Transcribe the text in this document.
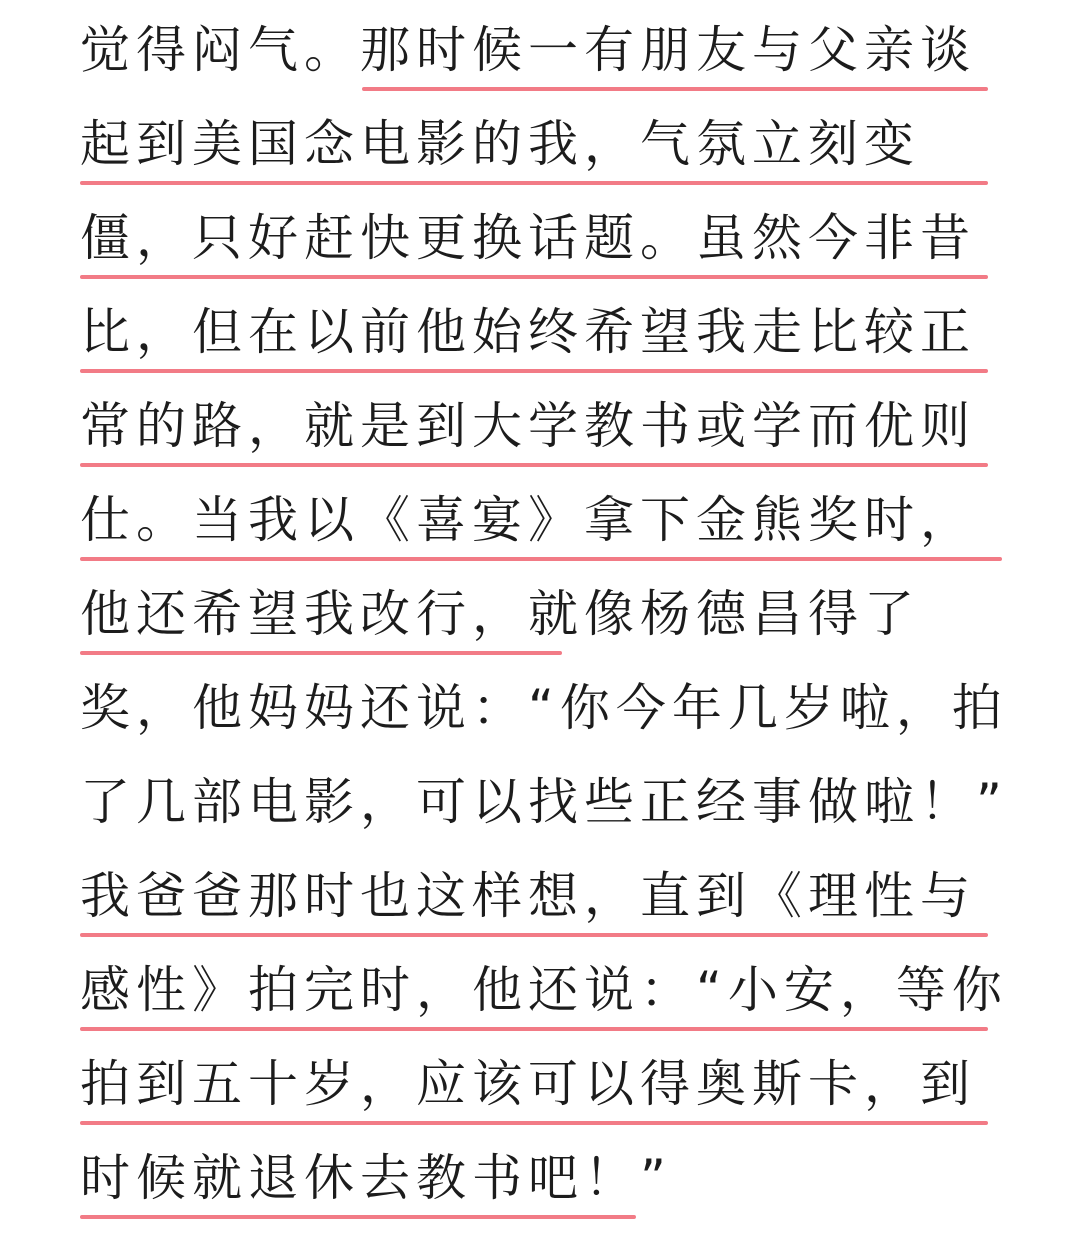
觉得闷气。那时候一有朋友与父亲谈
起到美国念电影的我，气氛立刻变
僵，只好赶快更换话题。虽然今非昔
比，但在以前他始终希望我走比较正
常的路，就是到大学教书或学而优则
仕。当我以《喜宴》拿下金熊奖时，
他还希望我改行，就像杨德昌得了
奖，他妈妈还说：“你今年几岁啦，拍
了几部电影，可以找些正经事做啦！”
我爸爸那时也这样想，直到《理性与
感性》拍完时，他还说：“小安，等你
拍到五十岁，应该可以得奥斯卡，到
时候就退休去教书吧！”
